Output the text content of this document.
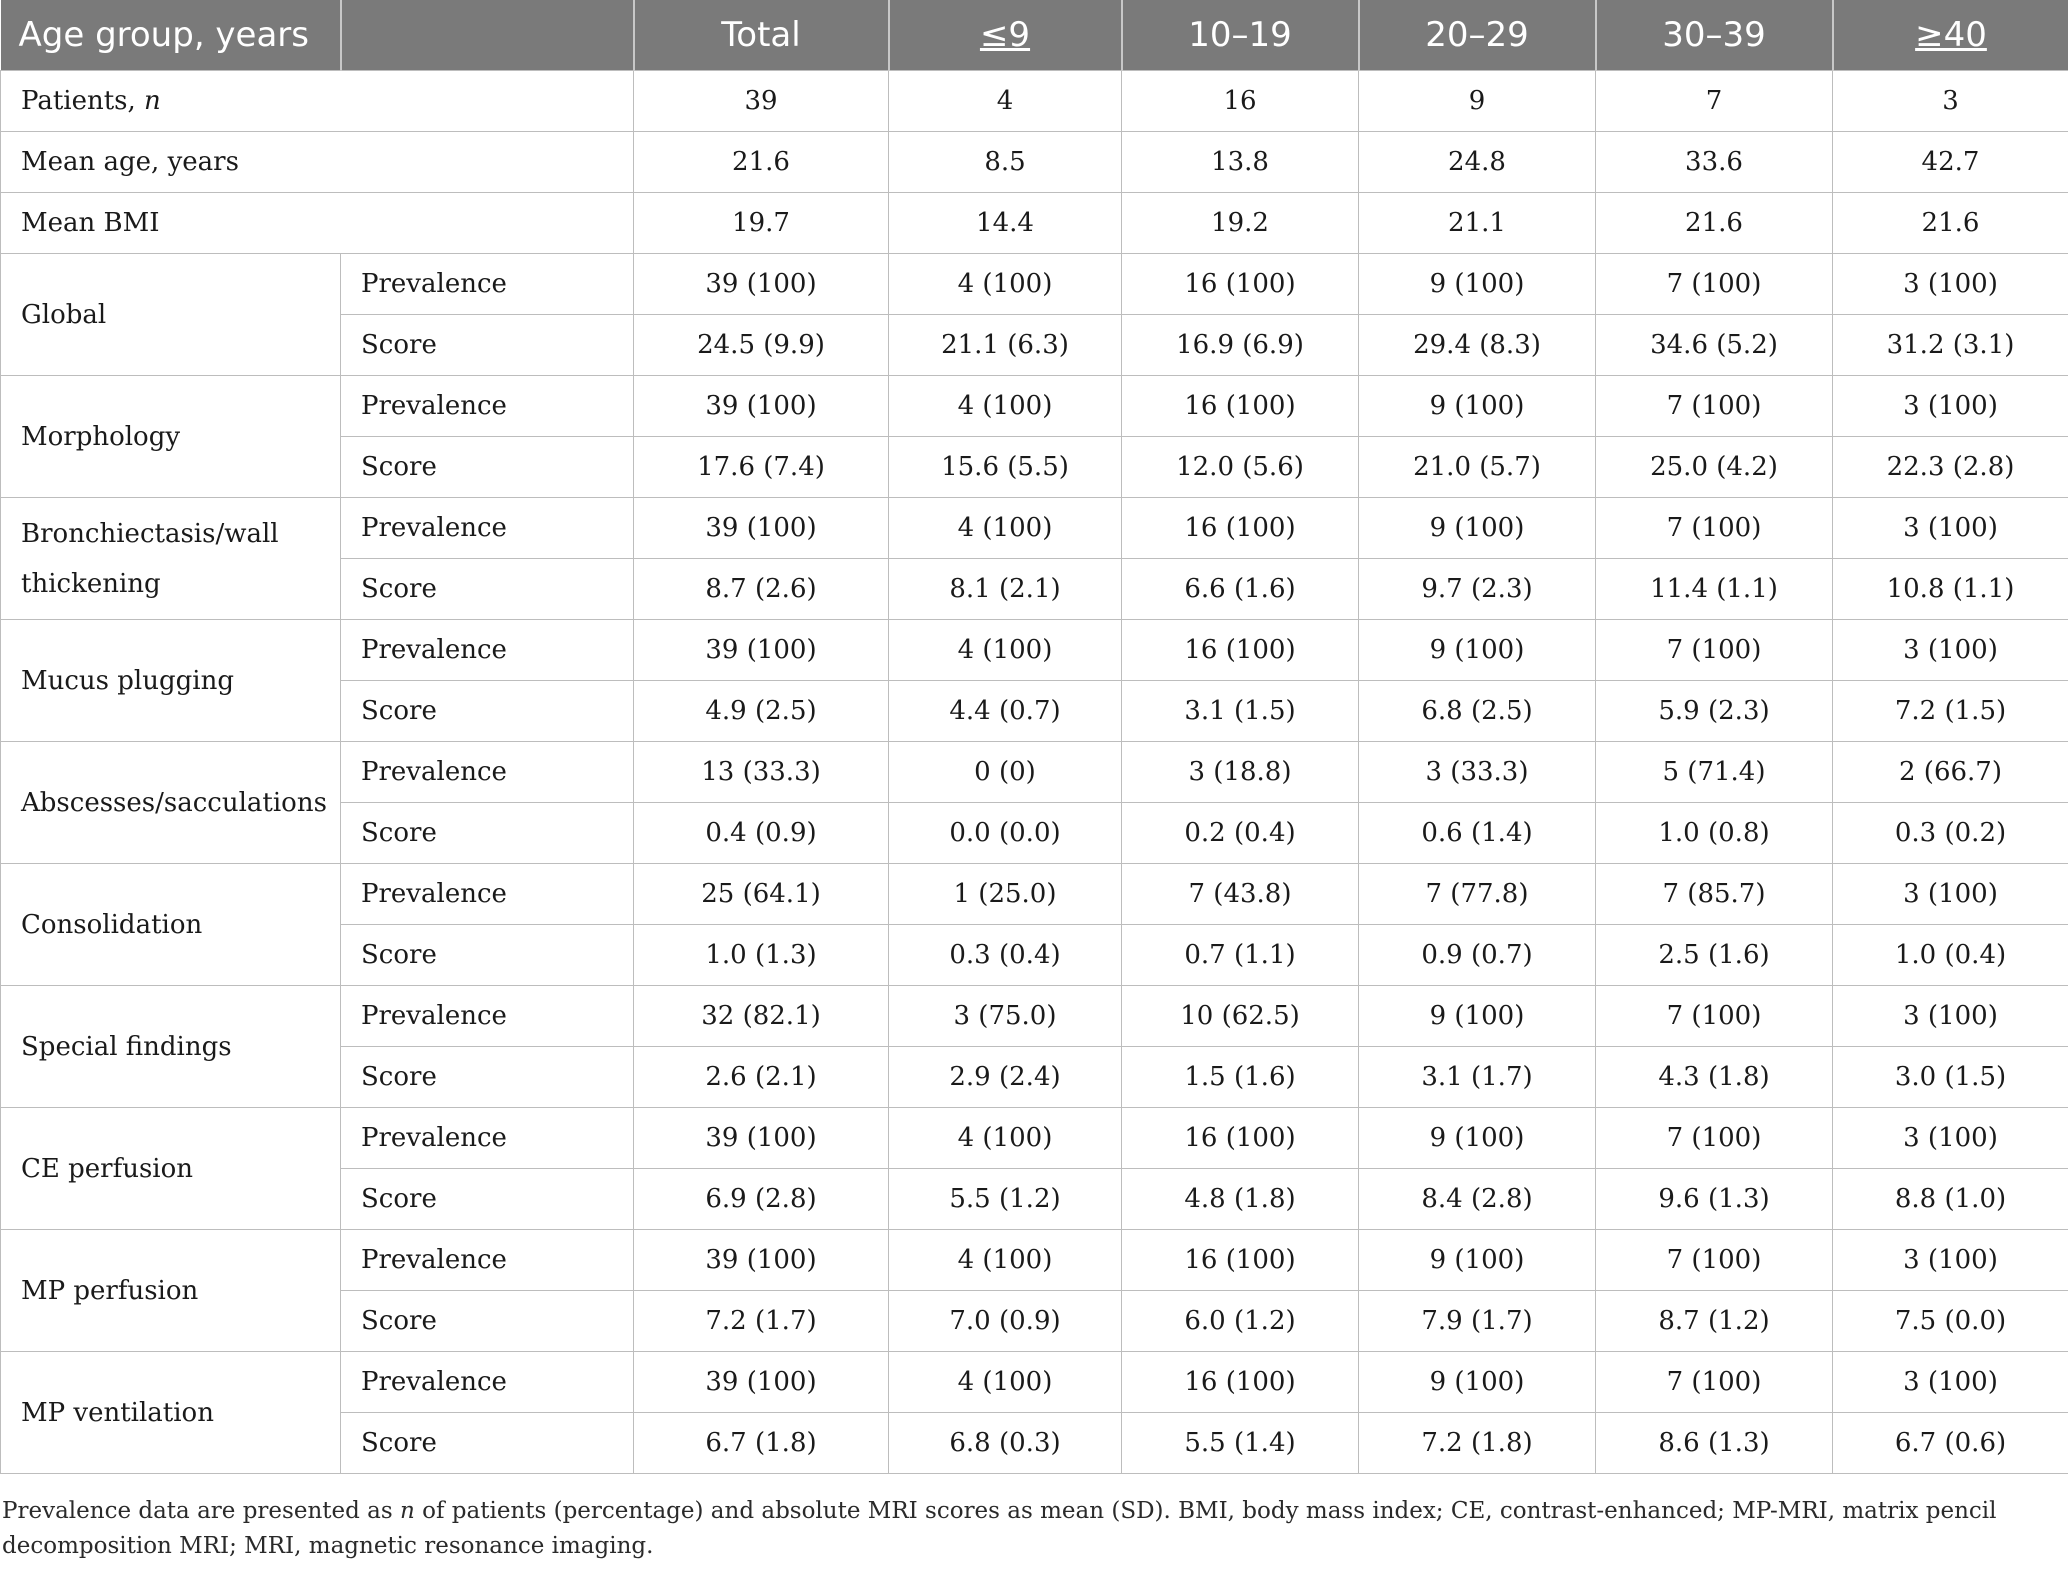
Age group, years		Total	≤9	10–19	20–29	30–39	≥40
Patients, n		39	4	16	9	7	3
Mean age, years		21.6	8.5	13.8	24.8	33.6	42.7
Mean BMI		19.7	14.4	19.2	21.1	21.6	21.6
Global	Prevalence	39 (100)	4 (100)	16 (100)	9 (100)	7 (100)	3 (100)
	Score	24.5 (9.9)	21.1 (6.3)	16.9 (6.9)	29.4 (8.3)	34.6 (5.2)	31.2 (3.1)
Morphology	Prevalence	39 (100)	4 (100)	16 (100)	9 (100)	7 (100)	3 (100)
	Score	17.6 (7.4)	15.6 (5.5)	12.0 (5.6)	21.0 (5.7)	25.0 (4.2)	22.3 (2.8)
Bronchiectasis/wall thickening	Prevalence	39 (100)	4 (100)	16 (100)	9 (100)	7 (100)	3 (100)
	Score	8.7 (2.6)	8.1 (2.1)	6.6 (1.6)	9.7 (2.3)	11.4 (1.1)	10.8 (1.1)
Mucus plugging	Prevalence	39 (100)	4 (100)	16 (100)	9 (100)	7 (100)	3 (100)
	Score	4.9 (2.5)	4.4 (0.7)	3.1 (1.5)	6.8 (2.5)	5.9 (2.3)	7.2 (1.5)
Abscesses/sacculations	Prevalence	13 (33.3)	0 (0)	3 (18.8)	3 (33.3)	5 (71.4)	2 (66.7)
	Score	0.4 (0.9)	0.0 (0.0)	0.2 (0.4)	0.6 (1.4)	1.0 (0.8)	0.3 (0.2)
Consolidation	Prevalence	25 (64.1)	1 (25.0)	7 (43.8)	7 (77.8)	7 (85.7)	3 (100)
	Score	1.0 (1.3)	0.3 (0.4)	0.7 (1.1)	0.9 (0.7)	2.5 (1.6)	1.0 (0.4)
Special findings	Prevalence	32 (82.1)	3 (75.0)	10 (62.5)	9 (100)	7 (100)	3 (100)
	Score	2.6 (2.1)	2.9 (2.4)	1.5 (1.6)	3.1 (1.7)	4.3 (1.8)	3.0 (1.5)
CE perfusion	Prevalence	39 (100)	4 (100)	16 (100)	9 (100)	7 (100)	3 (100)
	Score	6.9 (2.8)	5.5 (1.2)	4.8 (1.8)	8.4 (2.8)	9.6 (1.3)	8.8 (1.0)
MP perfusion	Prevalence	39 (100)	4 (100)	16 (100)	9 (100)	7 (100)	3 (100)
	Score	7.2 (1.7)	7.0 (0.9)	6.0 (1.2)	7.9 (1.7)	8.7 (1.2)	7.5 (0.0)
MP ventilation	Prevalence	39 (100)	4 (100)	16 (100)	9 (100)	7 (100)	3 (100)
	Score	6.7 (1.8)	6.8 (0.3)	5.5 (1.4)	7.2 (1.8)	8.6 (1.3)	6.7 (0.6)
Prevalence data are presented as n of patients (percentage) and absolute MRI scores as mean (SD). BMI, body mass index; CE, contrast-enhanced; MP-MRI, matrix pencil decomposition MRI; MRI, magnetic resonance imaging.
